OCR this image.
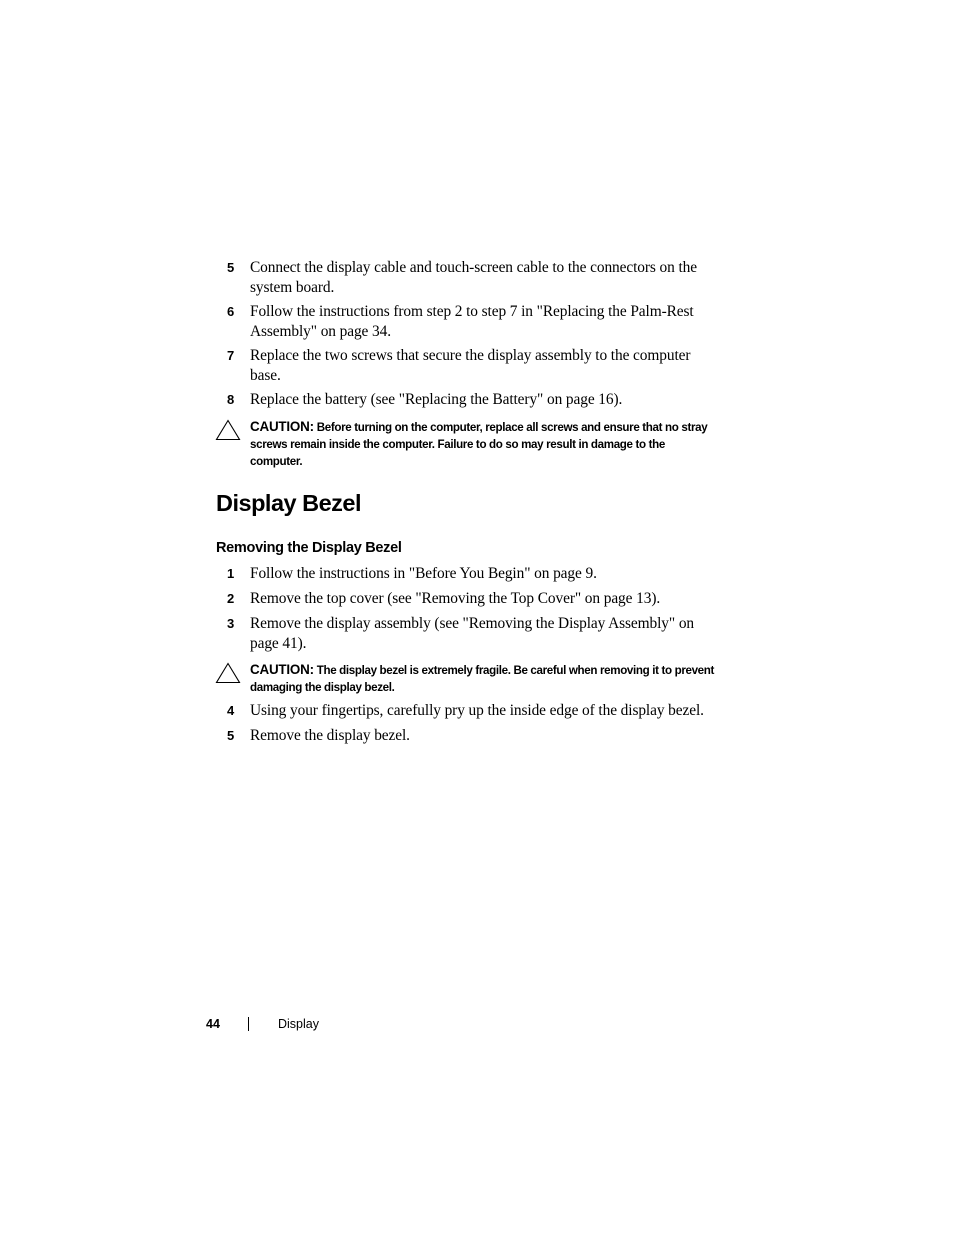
5 Connect the display cable and touch-screen cable to the connectors on the system board.
6 Follow the instructions from step 2 to step 7 in "Replacing the Palm-Rest Assembly" on page 34.
7 Replace the two screws that secure the display assembly to the computer base.
8 Replace the battery (see "Replacing the Battery" on page 16).
CAUTION: Before turning on the computer, replace all screws and ensure that no stray screws remain inside the computer. Failure to do so may result in damage to the computer.
Display Bezel
Removing the Display Bezel
1 Follow the instructions in "Before You Begin" on page 9.
2 Remove the top cover (see "Removing the Top Cover" on page 13).
3 Remove the display assembly (see "Removing the Display Assembly" on page 41).
CAUTION: The display bezel is extremely fragile. Be careful when removing it to prevent damaging the display bezel.
4 Using your fingertips, carefully pry up the inside edge of the display bezel.
5 Remove the display bezel.
44	Display
